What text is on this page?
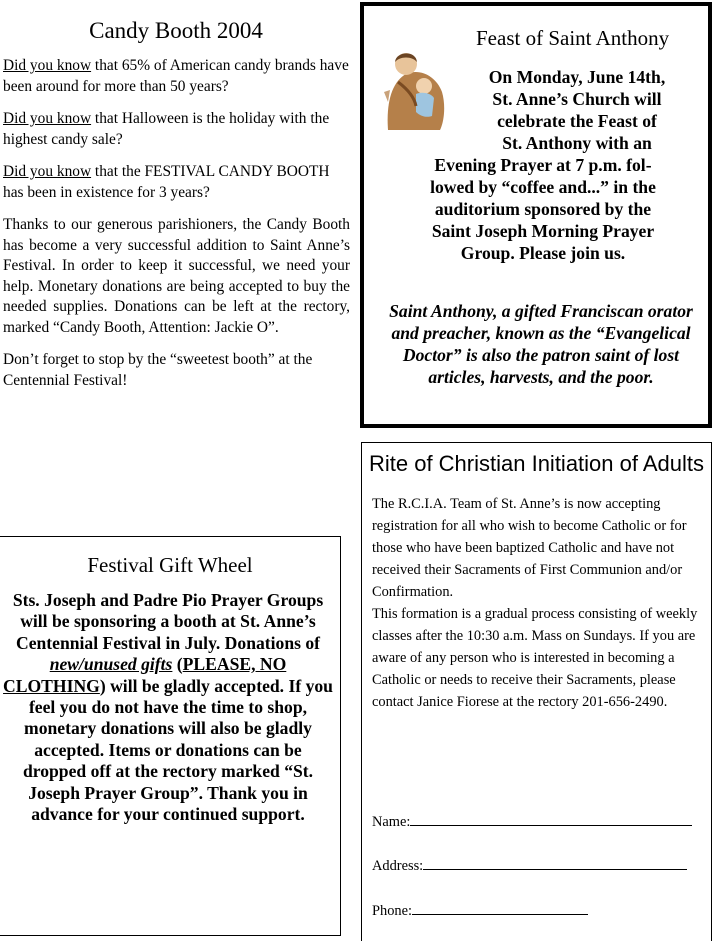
Candy Booth 2004

Did you know that 65% of American candy brands have been around for more than 50 years?

Did you know that Halloween is the holiday with the highest candy sale?

Did you know that the FESTIVAL CANDY BOOTH has been in existence for 3 years?

Thanks to our generous parishioners, the Candy Booth has become a very successful addition to Saint Anne’s Festival. In order to keep it successful, we need your help. Monetary donations are being accepted to buy the needed supplies. Donations can be left at the rectory, marked “Candy Booth, Attention: Jackie O”.

Don’t forget to stop by the “sweetest booth” at the Centennial Festival!

Feast of Saint Anthony
On Monday, June 14th,
St. Anne’s Church will
celebrate the Feast of
St. Anthony with an
Evening Prayer at 7 p.m. fol-
lowed by “coffee and...” in the
auditorium sponsored by the
Saint Joseph Morning Prayer
Group. Please join us.
Saint Anthony, a gifted Franciscan orator and preacher, known as the “Evangelical Doctor” is also the patron saint of lost articles, harvests, and the poor.
Festival Gift Wheel
Sts. Joseph and Padre Pio Prayer Groups will be sponsoring a booth at St. Anne’s Centennial Festival in July. Donations of new/unused gifts (PLEASE, NO CLOTHING) will be gladly accepted. If you feel you do not have the time to shop, monetary donations will also be gladly accepted. Items or donations can be dropped off at the rectory marked “St. Joseph Prayer Group”. Thank you in advance for your continued support.
Rite of Christian Initiation of Adults
The R.C.I.A. Team of St. Anne’s is now accepting registration for all who wish to become Catholic or for those who have been baptized Catholic and have not received their Sacraments of First Communion and/or Confirmation.
This formation is a gradual process consisting of weekly classes after the 10:30 a.m. Mass on Sundays. If you are aware of any person who is interested in becoming a Catholic or needs to receive their Sacraments, please contact Janice Fiorese at the rectory 201-656-2490.
Name:
Address:
Phone:
